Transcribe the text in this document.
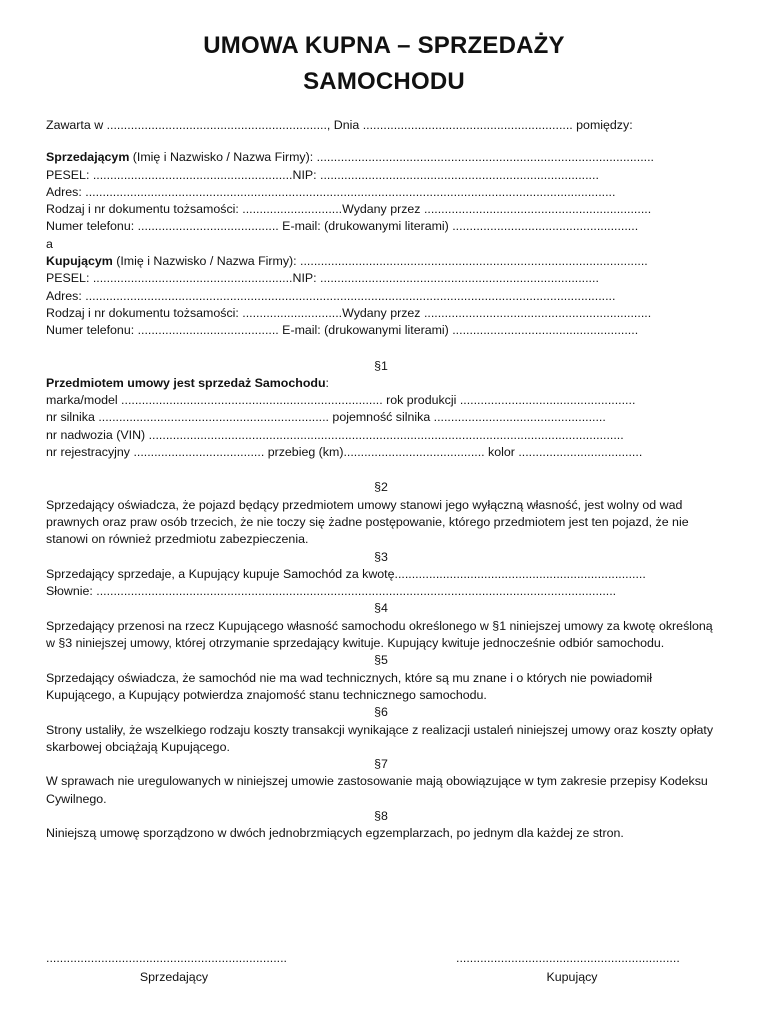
UMOWA KUPNA – SPRZEDAŻY
SAMOCHODU
Zawarta w ................................................................, Dnia ............................................................. pomiędzy:
Sprzedającym (Imię i Nazwisko / Nazwa Firmy): ..................................................................................................
PESEL: ..........................................................NIP: .................................................................................
Adres: ..........................................................................................................................................................
Rodzaj i nr dokumentu tożsamości: .............................Wydany przez ..................................................................
Numer telefonu: ......................................... E-mail: (drukowanymi literami) ......................................................
a
Kupującym (Imię i Nazwisko / Nazwa Firmy): .....................................................................................................
PESEL: ..........................................................NIP: .................................................................................
Adres: ..........................................................................................................................................................
Rodzaj i nr dokumentu tożsamości: .............................Wydany przez ..................................................................
Numer telefonu: ......................................... E-mail: (drukowanymi literami) ......................................................
§1
Przedmiotem umowy jest sprzedaż Samochodu:
marka/model ............................................................................ rok produkcji ...................................................
nr silnika ................................................................... pojemność silnika ..................................................
nr nadwozia (VIN) ..........................................................................................................................................
nr rejestracyjny ...................................... przebieg (km)......................................... kolor ....................................
§2
Sprzedający oświadcza, że pojazd będący przedmiotem umowy stanowi jego wyłączną własność, jest wolny od wad prawnych oraz praw osób trzecich, że nie toczy się żadne postępowanie, którego przedmiotem jest ten pojazd, że nie stanowi on również przedmiotu zabezpieczenia.
§3
Sprzedający sprzedaje, a Kupujący kupuje Samochód za kwotę.........................................................................
Słownie: .......................................................................................................................................................
§4
Sprzedający przenosi na rzecz Kupującego własność samochodu określonego w §1 niniejszej umowy za kwotę określoną w §3 niniejszej umowy, której otrzymanie sprzedający kwituje. Kupujący kwituje jednocześnie odbiór samochodu.
§5
Sprzedający oświadcza, że samochód nie ma wad technicznych, które są mu znane i o których nie powiadomił Kupującego, a Kupujący potwierdza znajomość stanu technicznego samochodu.
§6
Strony ustaliły, że wszelkiego rodzaju koszty transakcji wynikające z realizacji ustaleń niniejszej umowy oraz koszty opłaty skarbowej obciążają Kupującego.
§7
W sprawach nie uregulowanych w niniejszej umowie zastosowanie mają obowiązujące w tym zakresie przepisy Kodeksu Cywilnego.
§8
Niniejszą umowę sporządzono w dwóch jednobrzmiących egzemplarzach, po jednym dla każdej ze stron.
......................................................................
Sprzedający
.................................................................
Kupujący
